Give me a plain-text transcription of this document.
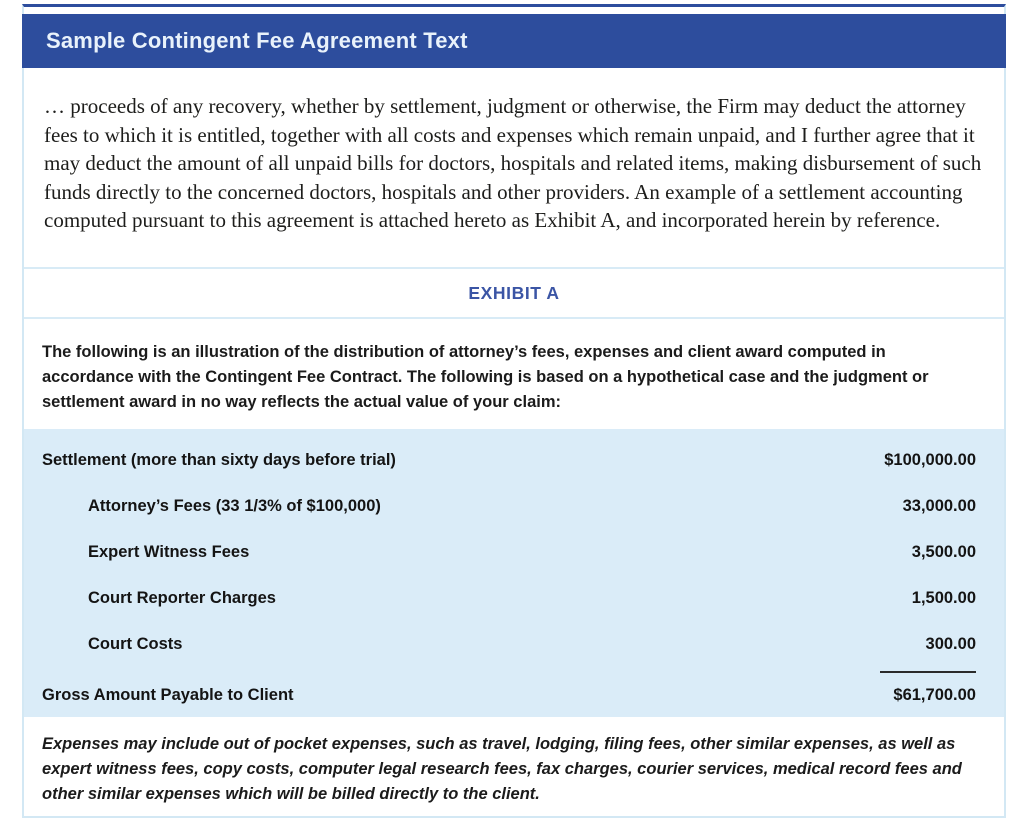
Sample Contingent Fee Agreement Text
… proceeds of any recovery, whether by settlement, judgment or otherwise, the Firm may deduct the attorney fees to which it is entitled, together with all costs and expenses which remain unpaid, and I further agree that it may deduct the amount of all unpaid bills for doctors, hospitals and related items, making disbursement of such funds directly to the concerned doctors, hospitals and other providers. An example of a settlement accounting computed pursuant to this agreement is attached hereto as Exhibit A, and incorporated herein by reference.
EXHIBIT A
The following is an illustration of the distribution of attorney’s fees, expenses and client award computed in accordance with the Contingent Fee Contract. The following is based on a hypothetical case and the judgment or settlement award in no way reflects the actual value of your claim:
Settlement (more than sixty days before trial)	$100,000.00
Attorney’s Fees (33 1/3% of $100,000)	33,000.00
Expert Witness Fees	3,500.00
Court Reporter Charges	1,500.00
Court Costs	300.00
Gross Amount Payable to Client	$61,700.00
Expenses may include out of pocket expenses, such as travel, lodging, filing fees, other similar expenses, as well as expert witness fees, copy costs, computer legal research fees, fax charges, courier services, medical record fees and other similar expenses which will be billed directly to the client.
